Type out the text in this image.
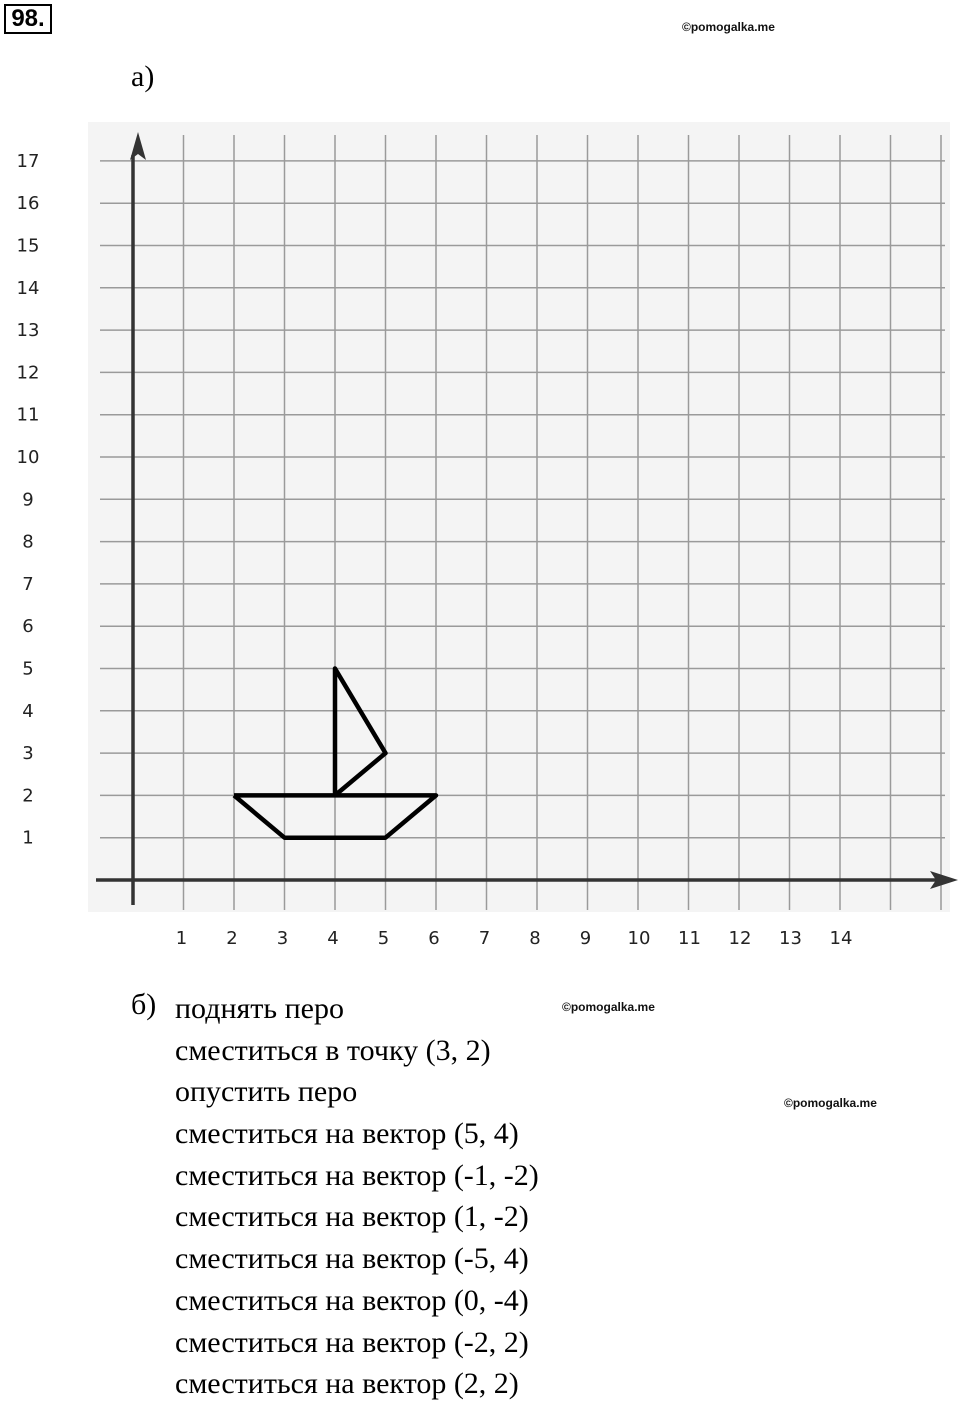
98.	©pomogalka.me
©pomogalka.me
©pomogalka.me
а)
1 2 3 4 5 6 7 8 9 10 11 12 13 14
1
2
3
4
5
6
7
8
9
10
11
12
13
14
15
16
17
б) поднять перо
сместиться в точку (3, 2)
опустить перо
сместиться на вектор (5, 4)
сместиться на вектор (-1, -2)
сместиться на вектор (1, -2)
сместиться на вектор (-5, 4)
сместиться на вектор (0, -4)
сместиться на вектор (-2, 2)
сместиться на вектор (2, 2)
